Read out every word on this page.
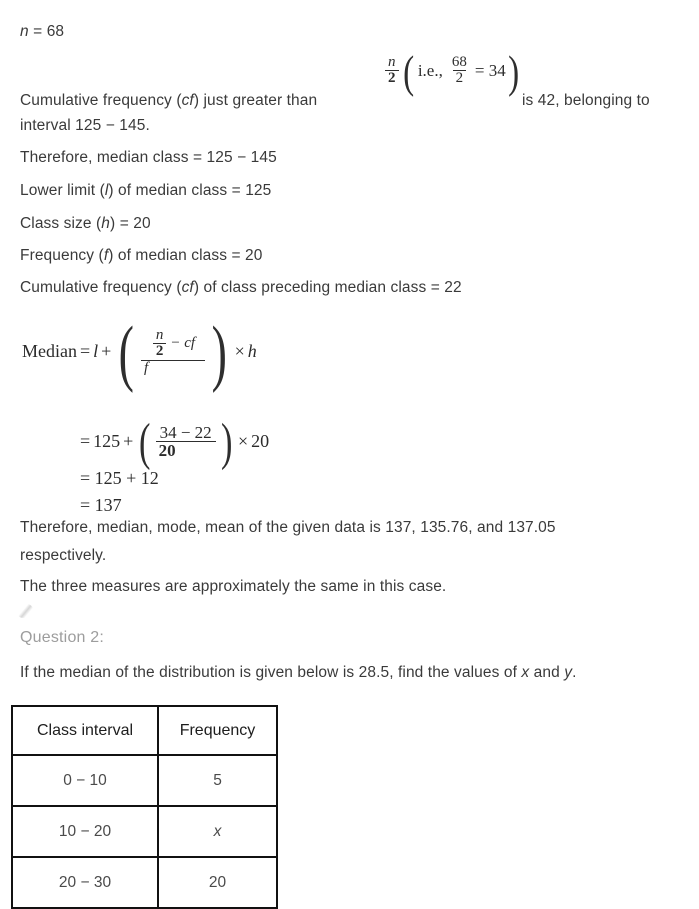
n = 68
Cumulative frequency (cf) just greater than
$\frac{n}{2}$ ( i.e., $\frac{68}{2} = 34$ )
is 42, belonging to
interval 125 − 145.
Therefore, median class = 125 − 145
Lower limit (l) of median class = 125
Class size (h) = 20
Frequency (f) of median class = 20
Cumulative frequency (cf) of class preceding median class = 22
Median = l + ( $\frac{\frac{n}{2} - cf}{f}$ ) × h
= 125 + ( $\frac{34 - 22}{20}$ ) × 20
= 125 + 12
= 137
Therefore, median, mode, mean of the given data is 137, 135.76, and 137.05
respectively.
The three measures are approximately the same in this case.
Question 2:
If the median of the distribution is given below is 28.5, find the values of x and y.
Class interval	Frequency
0 − 10	5
10 − 20	x
20 − 30	20
